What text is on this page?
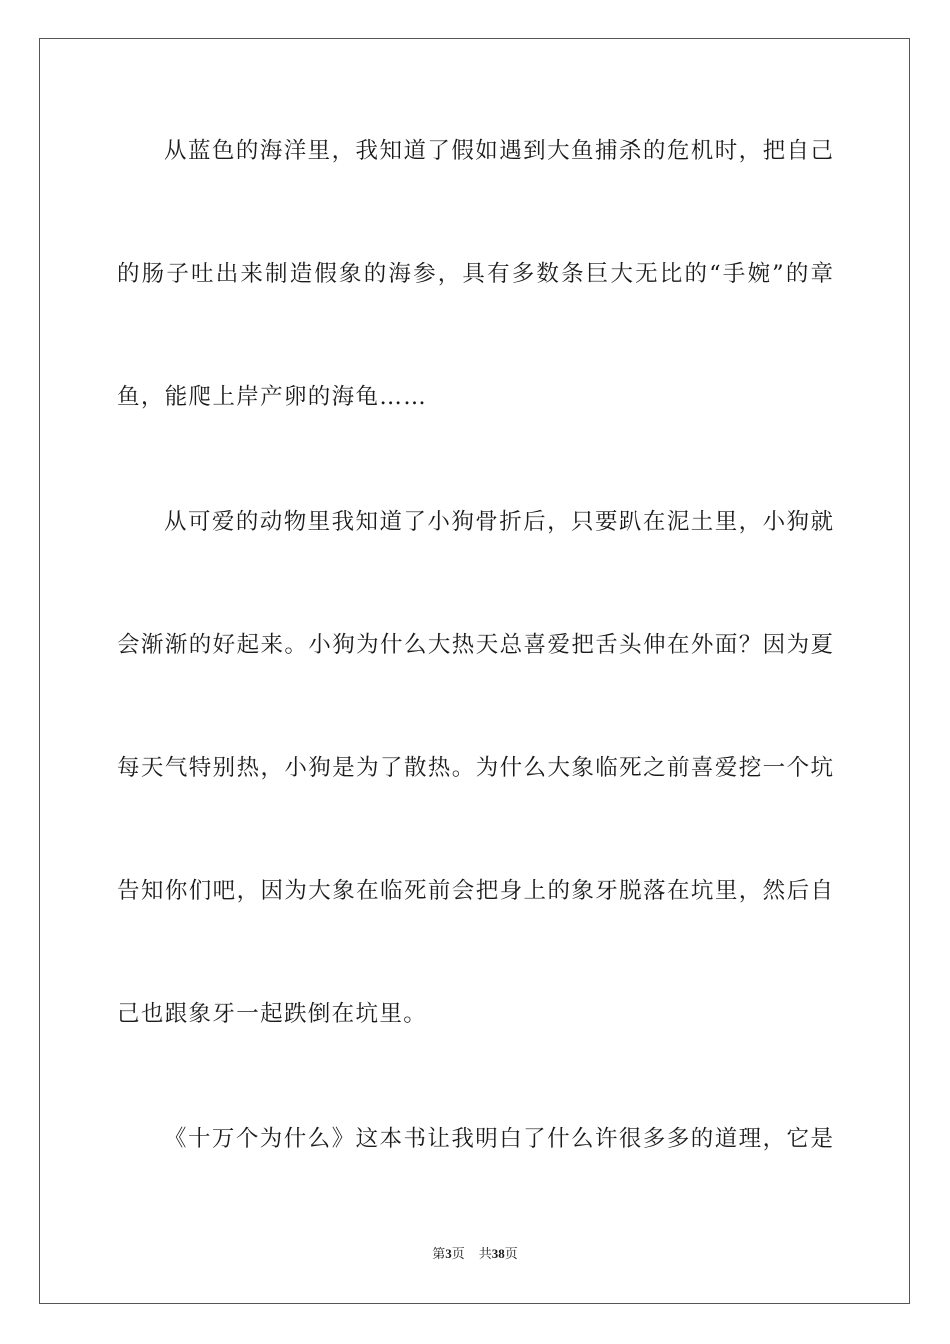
从蓝色的海洋里，我知道了假如遇到大鱼捕杀的危机时，把自己
的肠子吐出来制造假象的海参，具有多数条巨大无比的“手婉”的章
鱼，能爬上岸产卵的海龟……
从可爱的动物里我知道了小狗骨折后，只要趴在泥土里，小狗就
会渐渐的好起来。小狗为什么大热天总喜爱把舌头伸在外面？因为夏
每天气特别热，小狗是为了散热。为什么大象临死之前喜爱挖一个坑
告知你们吧，因为大象在临死前会把身上的象牙脱落在坑里，然后自
己也跟象牙一起跌倒在坑里。
《十万个为什么》这本书让我明白了什么许很多多的道理，它是
第3页 共38页
